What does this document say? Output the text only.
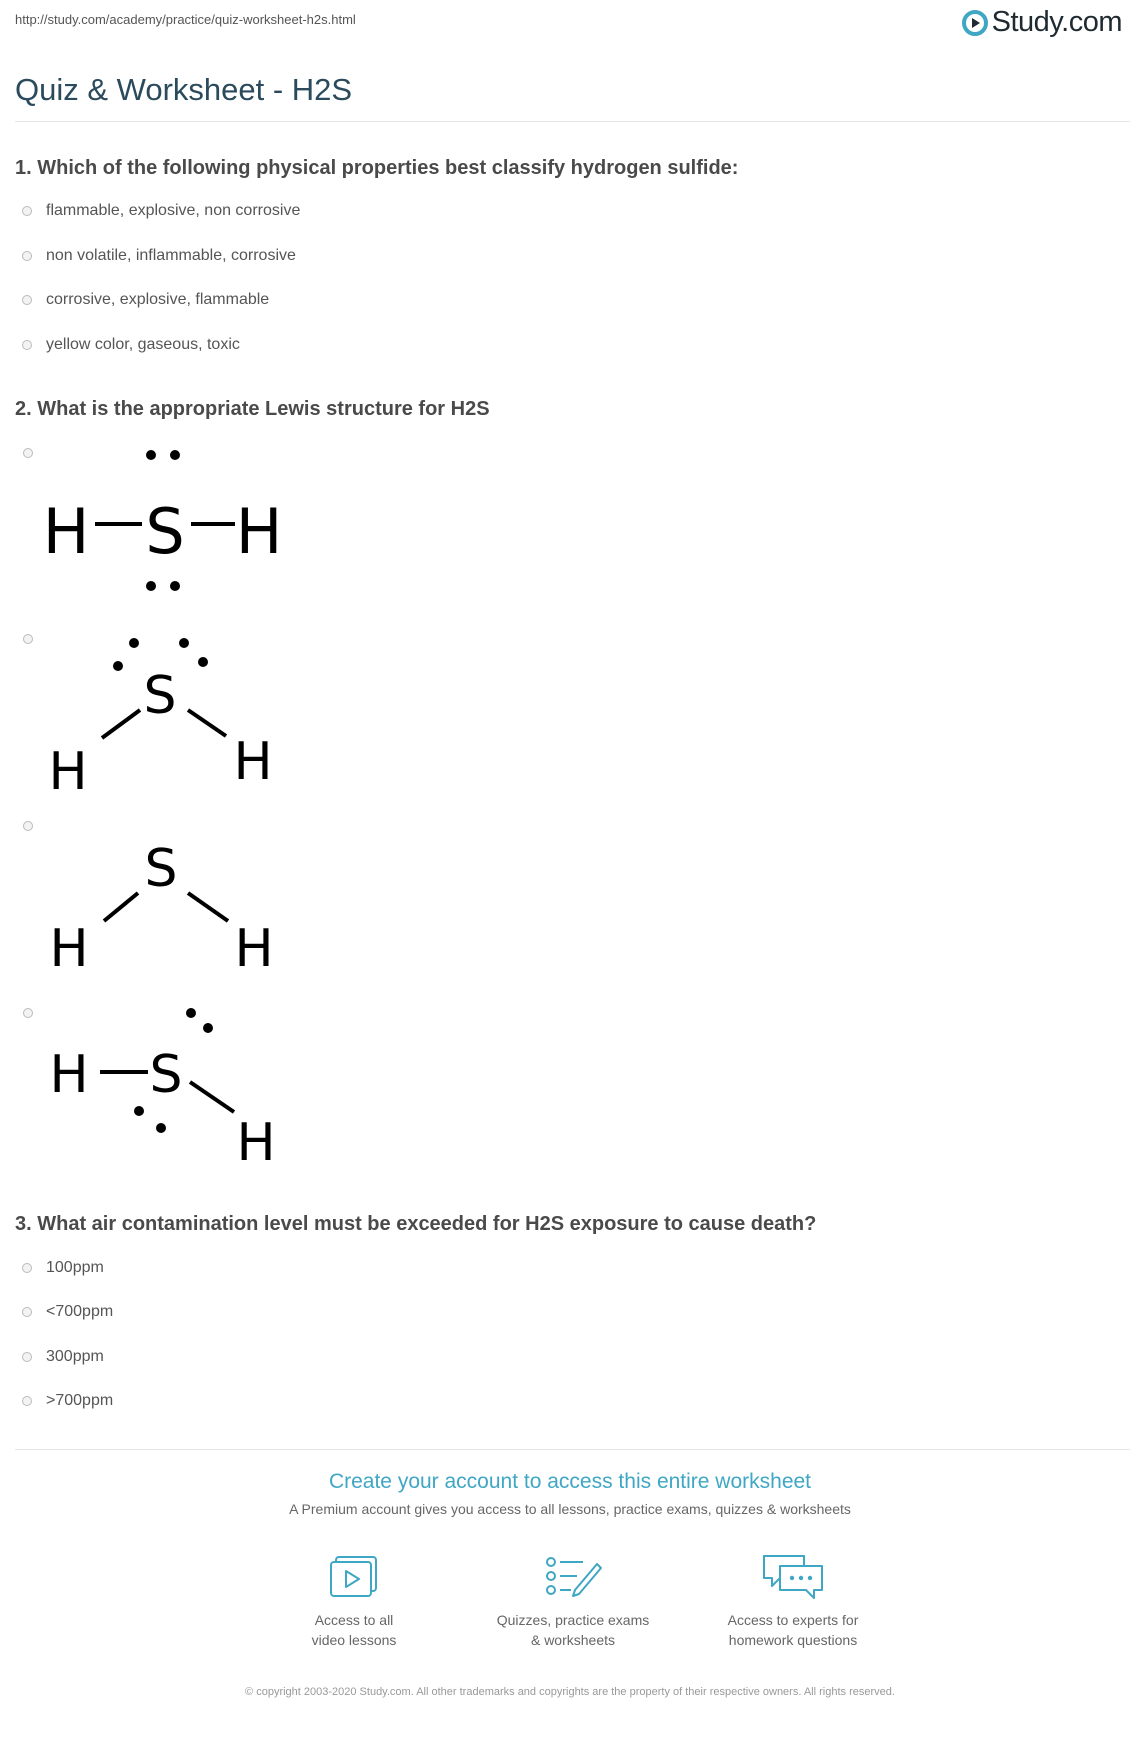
http://study.com/academy/practice/quiz-worksheet-h2s.html	Study.com
Quiz & Worksheet - H2S
1. Which of the following physical properties best classify hydrogen sulfide:
flammable, explosive, non corrosive
non volatile, inflammable, corrosive
corrosive, explosive, flammable
yellow color, gaseous, toxic
2. What is the appropriate Lewis structure for H2S
H S H
S
H	H
S
H	H
H S
H
3. What air contamination level must be exceeded for H2S exposure to cause death?
100ppm
<700ppm
300ppm
>700ppm
Create your account to access this entire worksheet
A Premium account gives you access to all lessons, practice exams, quizzes & worksheets
Access to all
video lessons
Quizzes, practice exams
& worksheets
Access to experts for
homework questions
© copyright 2003-2020 Study.com. All other trademarks and copyrights are the property of their respective owners. All rights reserved.
